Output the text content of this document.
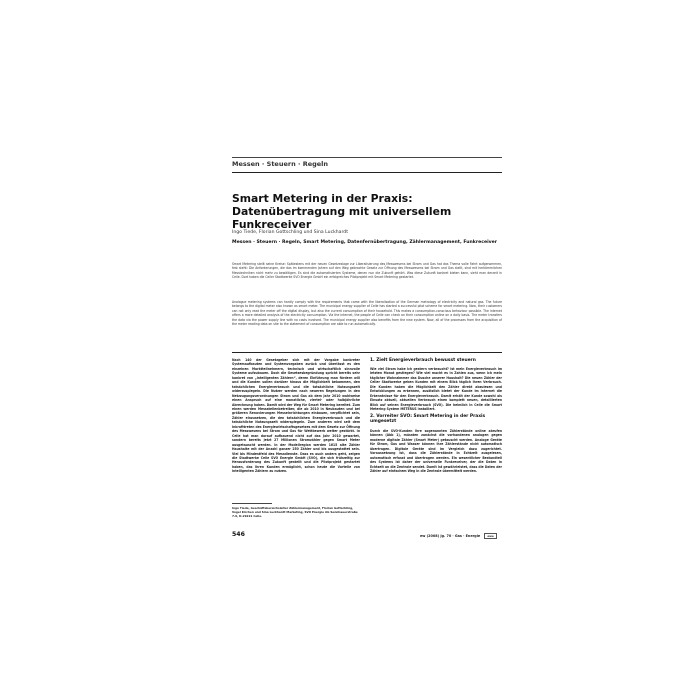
Messen · Steuern · Regeln
Smart Metering in der Praxis: Datenübertragung mit universellem Funkreceiver
Ingo Tiede, Florian Gottschling und Sina Luckhardt
Messen · Steuern · Regeln, Smart Metering, Datenfernübertragung, Zählermanagement, Funkreceiver

Smart Metering stellt seine Kreise: Spätestens mit der neuen Gesetzeslage zur Liberalisierung des Messwesens bei Strom und Gas hat das Thema volle Fahrt aufgenommen, fest steht: Die Anforderungen, die das im kommenden Jahren auf den Weg gebrachte Gesetz zur Öffnung des Messwesens bei Strom und Gas stellt, sind mit herkömmlichen Messtechniken nicht mehr zu bewältigen. Es sind die automatisierten Systeme, denen nun die Zukunft gehört. Was diese Zukunft konkret bieten kann, sieht man derzeit in Celle. Dort haben die Celler Stadtwerke SVO Energie GmbH ein erfolgreiches Pilotprojekt mit Smart Metering gestartet.

Analogue metering systems can hardly comply with the requirements that came with the liberalisation of the German metrology of electricity and natural gas. The future belongs to the digital meter also known as smart meter. The municipal energy supplier of Celle has started a successful pilot scheme for smart metering. Now, their customers can not only read the meter off the digital display, but also the current consumption of their household. This makes a consumption-conscious behaviour possible. The internet offers a more detailed analysis of the electricity consumption. Via the internet, the people of Celle can check on their consumption online on a daily basis. The meter transfers the data via the power supply line with no costs involved. The municipal energy supplier also benefits from the new system. Now, all of the processes from the acquisition of the meter reading data on site to the statement of consumption are able to run automatically.

Nach 140 der Gesetzgeber sich mit der Vorgabe konkreter Systemaufbauten und Systemvorgaben zurück und überlässt es den einzelnen Marktteilnehmern, technisch und wirtschaftlich sinnvolle Systeme aufzubauen. Doch die Gesetzesbegründung spricht bereits sehr konkret von „intelligenten Zählern“, deren Einführung man fördern will und die Kunden sollen darüber hinaus die Möglichkeit bekommen, den tatsächlichen Energieverbrauch und die tatsächliche Nutzungszeit widerzuspiegeln. Die Nutzer werden nach neueren Regelungen in den Netzzugangsverordnungen Strom und Gas ab dem Jahr 2010 wahlweise einen Anspruch auf eine monatliche, viertel- oder halbjährliche Abrechnung haben. Damit wird der Weg für Smart Metering bereitet. Zum einen werden Messstellenbetreiber, die ab 2010 in Neubauten und bei größeren Renovierungen Messeinrichtungen einbauen, verpflichtet sein, Zähler einzusetzen, die den tatsächlichen Energieverbrauch und die tatsächliche Nutzungszeit widerspiegeln. Zum anderen wird seit dem Inkrafttreten des Energiewirtschaftsgesetzes mit dem Gesetz zur Öffnung des Messwesens bei Strom und Gas für Wettbewerb weiter gestärkt. In Celle hat man darauf aufbauend nicht auf das Jahr 2010 gewartet, sondern bereits jetzt 27 Millionen Stromzähler gegen Smart Meter ausgetauscht werden. In der Modellregion werden 1615 alte Zähler Haushalte mit der Anzahl ganzer 250 Zähler und bis ausgestattet sein. Viel bis Mindestfeld des Messdienste. Dass es auch anders geht, zeigen die Stadtwerke Celle SVO Energie GmbH (SVO), die sich frühzeitig zur Herausforderung des Zukunft gestellt und die Pilotprojekt gestartet haben, das ihren Kunden ermöglicht, schon heute die Vorteile von intelligenten Zählern zu nutzen.

Ingo Tiede, Geschäftsbereichsleiter Zählermanagement, Florian Gottschling, Vogel Kirchen und Sina Luckhardt Marketing, SVO Energie AG Sennhauerstraße 7-9, D-29221 Celle.

1. Zielt Energieverbrauch bewusst steuern

Wie viel Strom habe ich gestern verbraucht? Ist mein Energieverbrauch im letzten Monat gestiegen? Wie viel macht es in Zahlen aus, wenn ich mein täglicher Wohnzimmer das Dusche unserer Haushalt? Die neuen Zähler der Celler Stadtwerke geben Kunden mit einem Blick täglich ihren Verbrauch. Die Kunden haben die Möglichkeit den Zähler direkt abzulesen und Entwicklungen zu erkennen, zusätzlich bietet der Kunde im Internet die Erkenntnisse für den Energieverbrauch. Damit erhält der Kunde sowohl als Einsatz aktuell, aktuellen Verbrauch einen komplett neuen, detaillierten Blick auf seinen Energieverbrauch (SVO). Die heimlich in Celle die Smart Metering System METERUS installiert.

2. Vorreiter SVO: Smart Metering in der Praxis umgesetzt

Durch die SVO-Kunden ihre sogenannten Zählerstände online abrufen können (Abb 1), müssten zunächst die vorhandenen analogen gegen moderne digitale Zähler (Smart Meter) getauscht werden. Analoge Geräte für Strom, Gas und Wasser können ihre Zählerstände nicht automatisch übertragen. Digitale Geräte sind im Vergleich dazu zugerichtet. Voraussetzung ist, dass die Zählerstände in Echtzeit ausgelesen, automatisch erfasst und übertragen werden. Ein wesentlicher Bestandteil des Systems ist daher der universelle Funkreceiver, der die Daten in Echtzeit an die Zentrale sendet. Damit ist gewährleistet, dass die Daten der Zähler auf einfachem Weg in die Zentrale übermittelt werden.

546	ew (2008) Jg. 70 · Gas · Energie	ewe
